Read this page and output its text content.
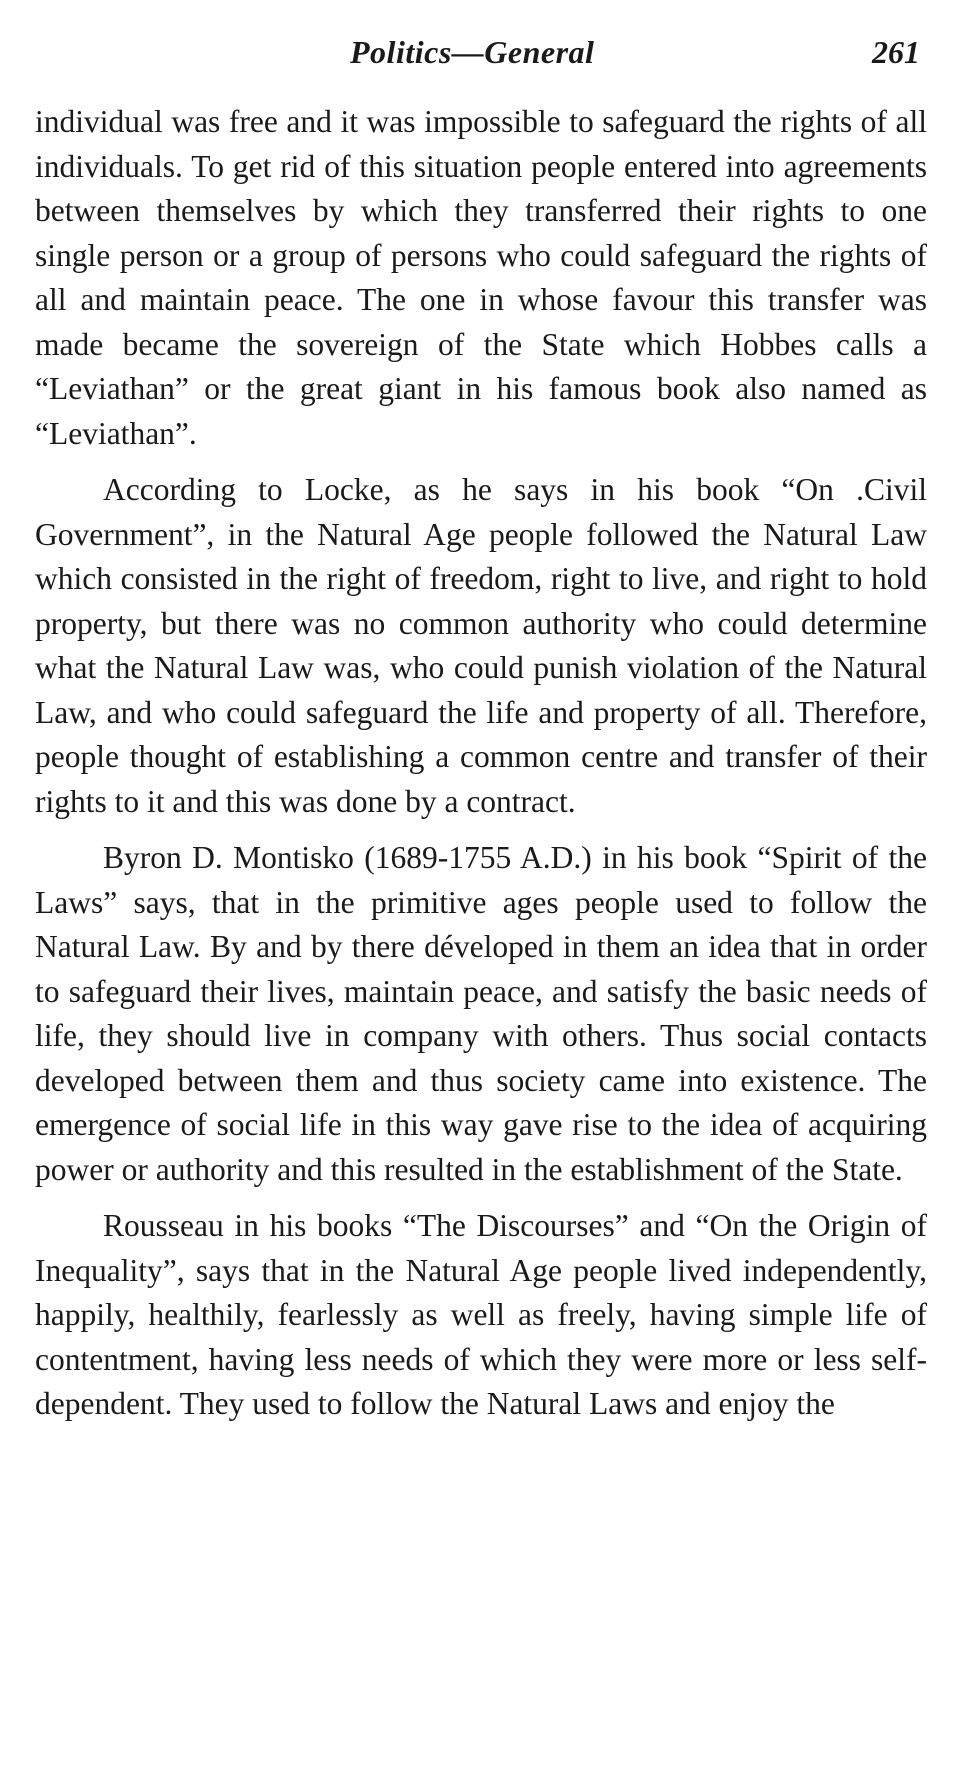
Politics—General	261

individual was free and it was impossible to safeguard the rights of all individuals. To get rid of this situation people entered into agreements between themselves by which they transferred their rights to one single person or a group of persons who could safeguard the rights of all and maintain peace. The one in whose favour this transfer was made became the sovereign of the State which Hobbes calls a “Leviathan” or the great giant in his famous book also named as “Leviathan”.

According to Locke, as he says in his book “On .Civil Government”, in the Natural Age people followed the Natural Law which consisted in the right of freedom, right to live, and right to hold property, but there was no common authority who could determine what the Natural Law was, who could punish violation of the Natural Law, and who could safeguard the life and property of all. Therefore, people thought of establishing a common centre and transfer of their rights to it and this was done by a contract.

Byron D. Montisko (1689-1755 A.D.) in his book “Spirit of the Laws” says, that in the primitive ages people used to follow the Natural Law. By and by there déveloped in them an idea that in order to safeguard their lives, maintain peace, and satisfy the basic needs of life, they should live in company with others. Thus social contacts developed between them and thus society came into existence. The emergence of social life in this way gave rise to the idea of acquiring power or authority and this resulted in the establishment of the State.

Rousseau in his books “The Discourses” and “On the Origin of Inequality”, says that in the Natural Age people lived independently, happily, healthily, fearlessly as well as freely, having simple life of contentment, having less needs of which they were more or less self-dependent. They used to follow the Natural Laws and enjoy the
